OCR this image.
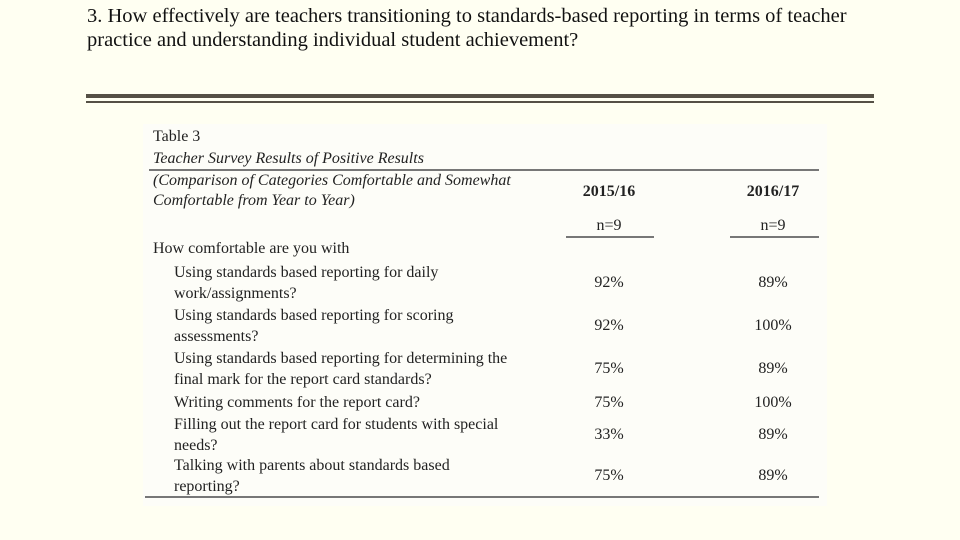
3. How effectively are teachers transitioning to standards-based reporting in terms of teacher practice and understanding individual student achievement?
Table 3
Teacher Survey Results of Positive Results
(Comparison of Categories Comfortable and Somewhat
Comfortable from Year to Year)
2015/16	2016/17
n=9	n=9
How comfortable are you with
Using standards based reporting for daily
work/assignments?
92%	89%
Using standards based reporting for scoring
assessments?
92%	100%
Using standards based reporting for determining the
final mark for the report card standards?
75%	89%
Writing comments for the report card?	75%	100%
Filling out the report card for students with special
needs?
33%	89%
Talking with parents about standards based
reporting?
75%	89%
